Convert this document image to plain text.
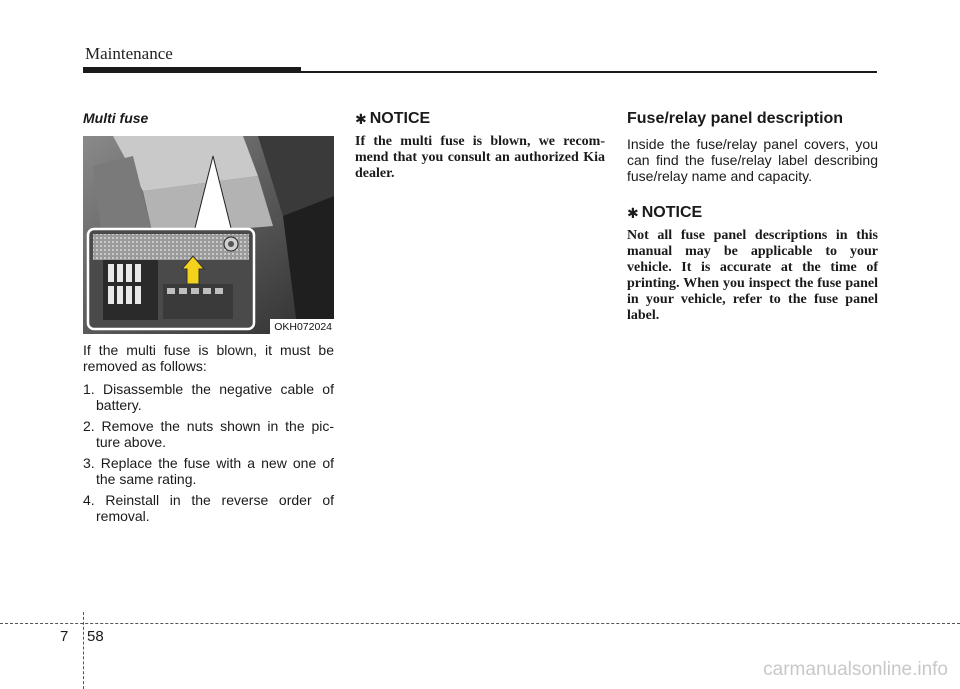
Maintenance
Multi fuse
OKH072024

If the multi fuse is blown, it must be removed as follows:

1. Disassemble the negative cable of battery.
2. Remove the nuts shown in the pic- ture above.
3. Replace the fuse with a new one of the same rating.
4. Reinstall in the reverse order of removal.
✱ NOTICE

If the multi fuse is blown, we recom- mend that you consult an authorized Kia dealer.

Fuse/relay panel description

Inside the fuse/relay panel covers, you can find the fuse/relay label describing fuse/relay name and capacity.

✱ NOTICE

Not all fuse panel descriptions in this manual may be applicable to your vehicle. It is accurate at the time of printing. When you inspect the fuse panel in your vehicle, refer to the fuse panel label.

7 58
carmanualsonline.info
